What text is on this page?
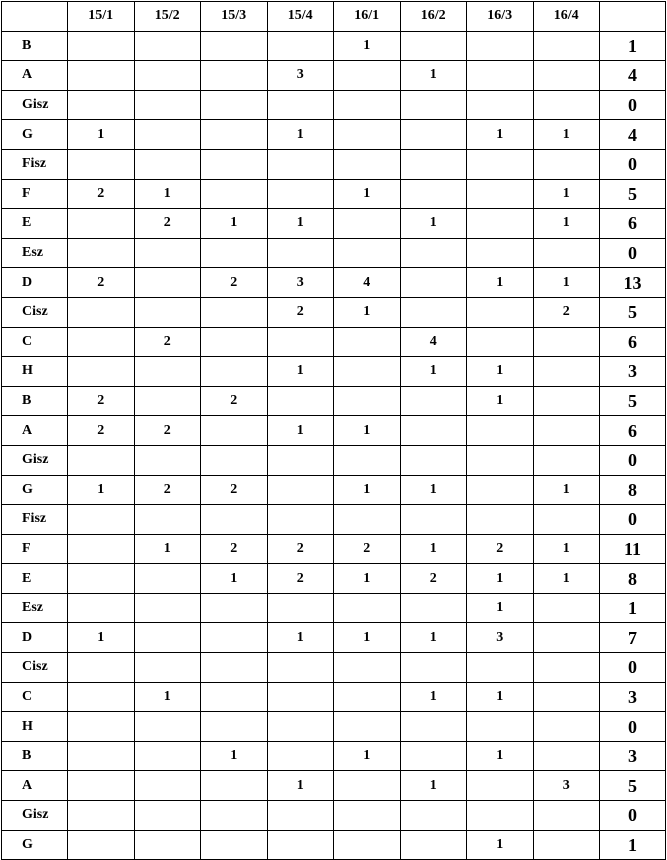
	15/1	15/2	15/3	15/4	16/1	16/2	16/3	16/4	
B					1				1
A				3		1			4
Gisz									0
G	1			1			1	1	4
Fisz									0
F	2	1			1			1	5
E		2	1	1		1		1	6
Esz									0
D	2		2	3	4		1	1	13
Cisz				2	1			2	5
C		2				4			6
H				1		1	1		3
B	2		2				1		5
A	2	2		1	1				6
Gisz									0
G	1	2	2		1	1		1	8
Fisz									0
F		1	2	2	2	1	2	1	11
E			1	2	1	2	1	1	8
Esz							1		1
D	1			1	1	1	3		7
Cisz									0
C		1				1	1		3
H									0
B			1		1		1		3
A				1		1		3	5
Gisz									0
G							1		1
